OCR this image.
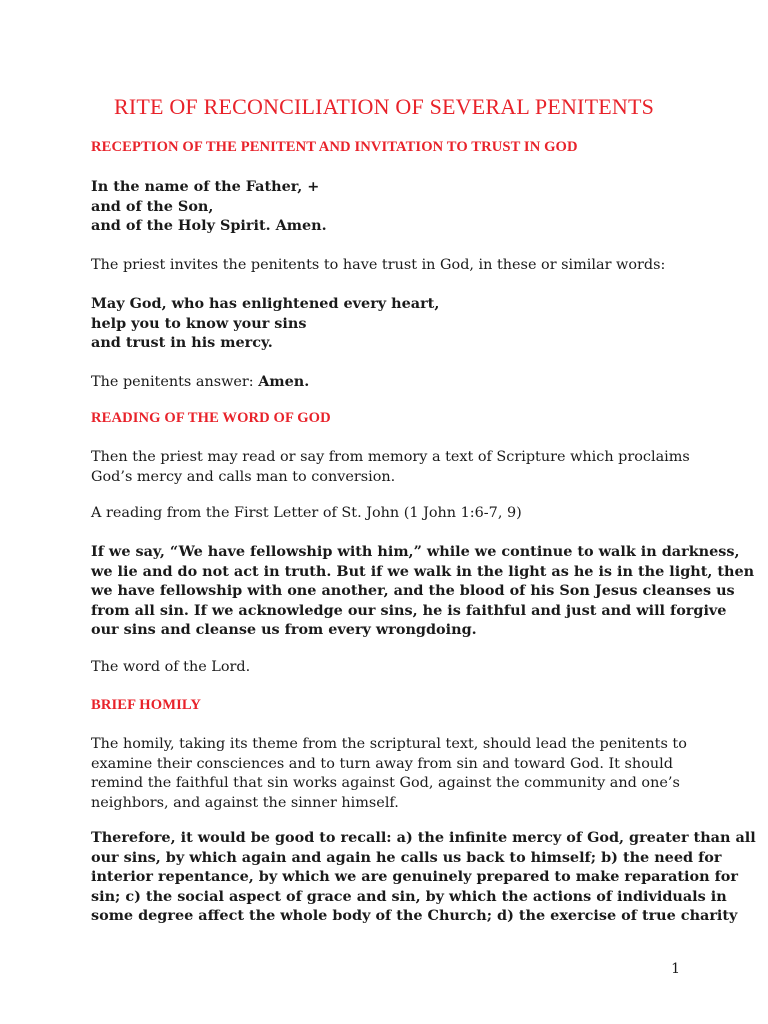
RITE OF RECONCILIATION OF SEVERAL PENITENTS
RECEPTION OF THE PENITENT AND INVITATION TO TRUST IN GOD
In the name of the Father, +
and of the Son,
and of the Holy Spirit. Amen.
The priest invites the penitents to have trust in God, in these or similar words:
May God, who has enlightened every heart,
help you to know your sins
and trust in his mercy.
The penitents answer: Amen.
READING OF THE WORD OF GOD
Then the priest may read or say from memory a text of Scripture which proclaims
God’s mercy and calls man to conversion.
A reading from the First Letter of St. John (1 John 1:6-7, 9)
If we say, “We have fellowship with him,” while we continue to walk in darkness,
we lie and do not act in truth. But if we walk in the light as he is in the light, then
we have fellowship with one another, and the blood of his Son Jesus cleanses us
from all sin. If we acknowledge our sins, he is faithful and just and will forgive
our sins and cleanse us from every wrongdoing.
The word of the Lord.
BRIEF HOMILY
The homily, taking its theme from the scriptural text, should lead the penitents to
examine their consciences and to turn away from sin and toward God. It should
remind the faithful that sin works against God, against the community and one’s
neighbors, and against the sinner himself.
Therefore, it would be good to recall: a) the infinite mercy of God, greater than all
our sins, by which again and again he calls us back to himself; b) the need for
interior repentance, by which we are genuinely prepared to make reparation for
sin; c) the social aspect of grace and sin, by which the actions of individuals in
some degree affect the whole body of the Church; d) the exercise of true charity
1
